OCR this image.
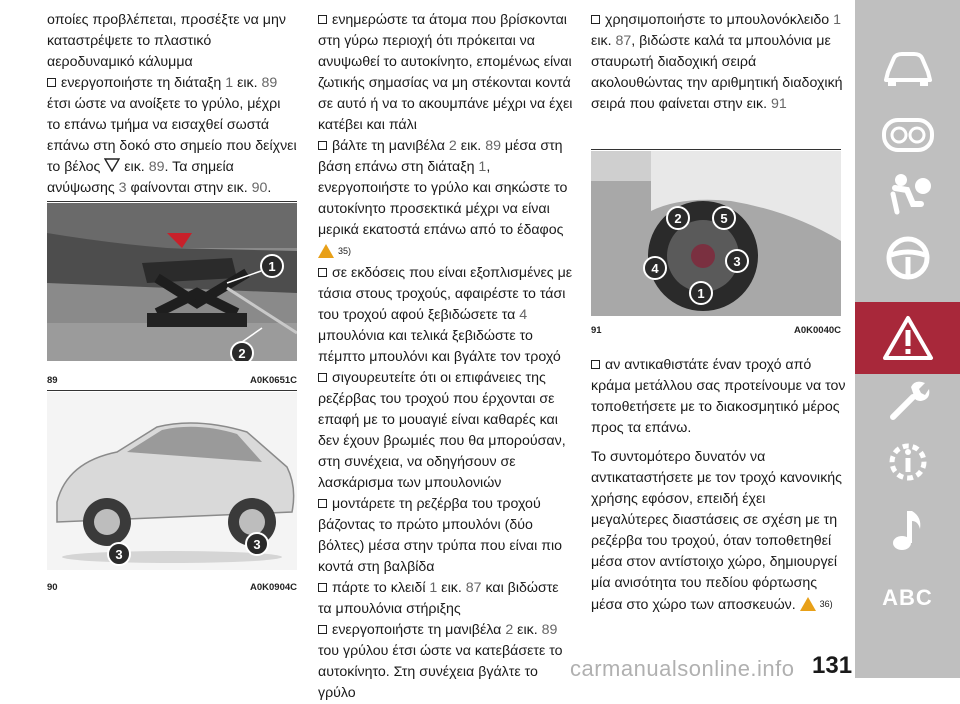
οποίες προβλέπεται, προσέξτε να μην καταστρέψετε το πλαστικό αεροδυναμικό κάλυμμα

ενεργοποιήστε τη διάταξη 1 εικ. 89 έτσι ώστε να ανοίξετε το γρύλο, μέχρι το επάνω τμήμα να εισαχθεί σωστά επάνω στη δοκό στο σημείο που δείχνει το βέλος  εικ. 89. Τα σημεία ανύψωσης 3 φαίνονται στην εικ. 90.

1
2
89	A0K0651C
3
3
90	A0K0904C

ενημερώστε τα άτομα που βρίσκονται στη γύρω περιοχή ότι πρόκειται να ανυψωθεί το αυτοκίνητο, επομένως είναι ζωτικής σημασίας να μη στέκονται κοντά σε αυτό ή να το ακουμπάνε μέχρι να έχει κατέβει και πάλι

βάλτε τη μανιβέλα 2 εικ. 89 μέσα στη βάση επάνω στη διάταξη 1, ενεργοποιήστε το γρύλο και σηκώστε το αυτοκίνητο προσεκτικά μέχρι να είναι μερικά εκατοστά επάνω από το έδαφος
35)

σε εκδόσεις που είναι εξοπλισμένες με τάσια στους τροχούς, αφαιρέστε το τάσι του τροχού αφού ξεβιδώσετε τα 4 μπουλόνια και τελικά ξεβιδώστε το πέμπτο μπουλόνι και βγάλτε τον τροχό

σιγουρευτείτε ότι οι επιφάνειες της ρεζέρβας του τροχού που έρχονται σε επαφή με το μουαγιέ είναι καθαρές και δεν έχουν βρωμιές που θα μπορούσαν, στη συνέχεια, να οδηγήσουν σε λασκάρισμα των μπουλονιών

μοντάρετε τη ρεζέρβα του τροχού βάζοντας το πρώτο μπουλόνι (δύο βόλτες) μέσα στην τρύπα που είναι πιο κοντά στη βαλβίδα

πάρτε το κλειδί 1 εικ. 87 και βιδώστε τα μπουλόνια στήριξης

ενεργοποιήστε τη μανιβέλα 2 εικ. 89 του γρύλου έτσι ώστε να κατεβάσετε το αυτοκίνητο. Στη συνέχεια βγάλτε το γρύλο

χρησιμοποιήστε το μπουλονόκλειδο 1 εικ. 87, βιδώστε καλά τα μπουλόνια με σταυρωτή διαδοχική σειρά ακολουθώντας την αριθμητική διαδοχική σειρά που φαίνεται στην εικ. 91

2	5
4	3
1
91	A0K0040C

αν αντικαθιστάτε έναν τροχό από κράμα μετάλλου σας προτείνουμε να τον τοποθετήσετε με το διακοσμητικό μέρος προς τα επάνω.

Το συντομότερο δυνατόν να αντικαταστήσετε με τον τροχό κανονικής χρήσης εφόσον, επειδή έχει μεγαλύτερες διαστάσεις σε σχέση με τη ρεζέρβα του τροχού, όταν τοποθετηθεί μέσα στον αντίστοιχο χώρο, δημιουργεί μία ανισότητα του πεδίου φόρτωσης μέσα στο χώρο των αποσκευών.	36)	ABC
carmanualsonline.info 131
